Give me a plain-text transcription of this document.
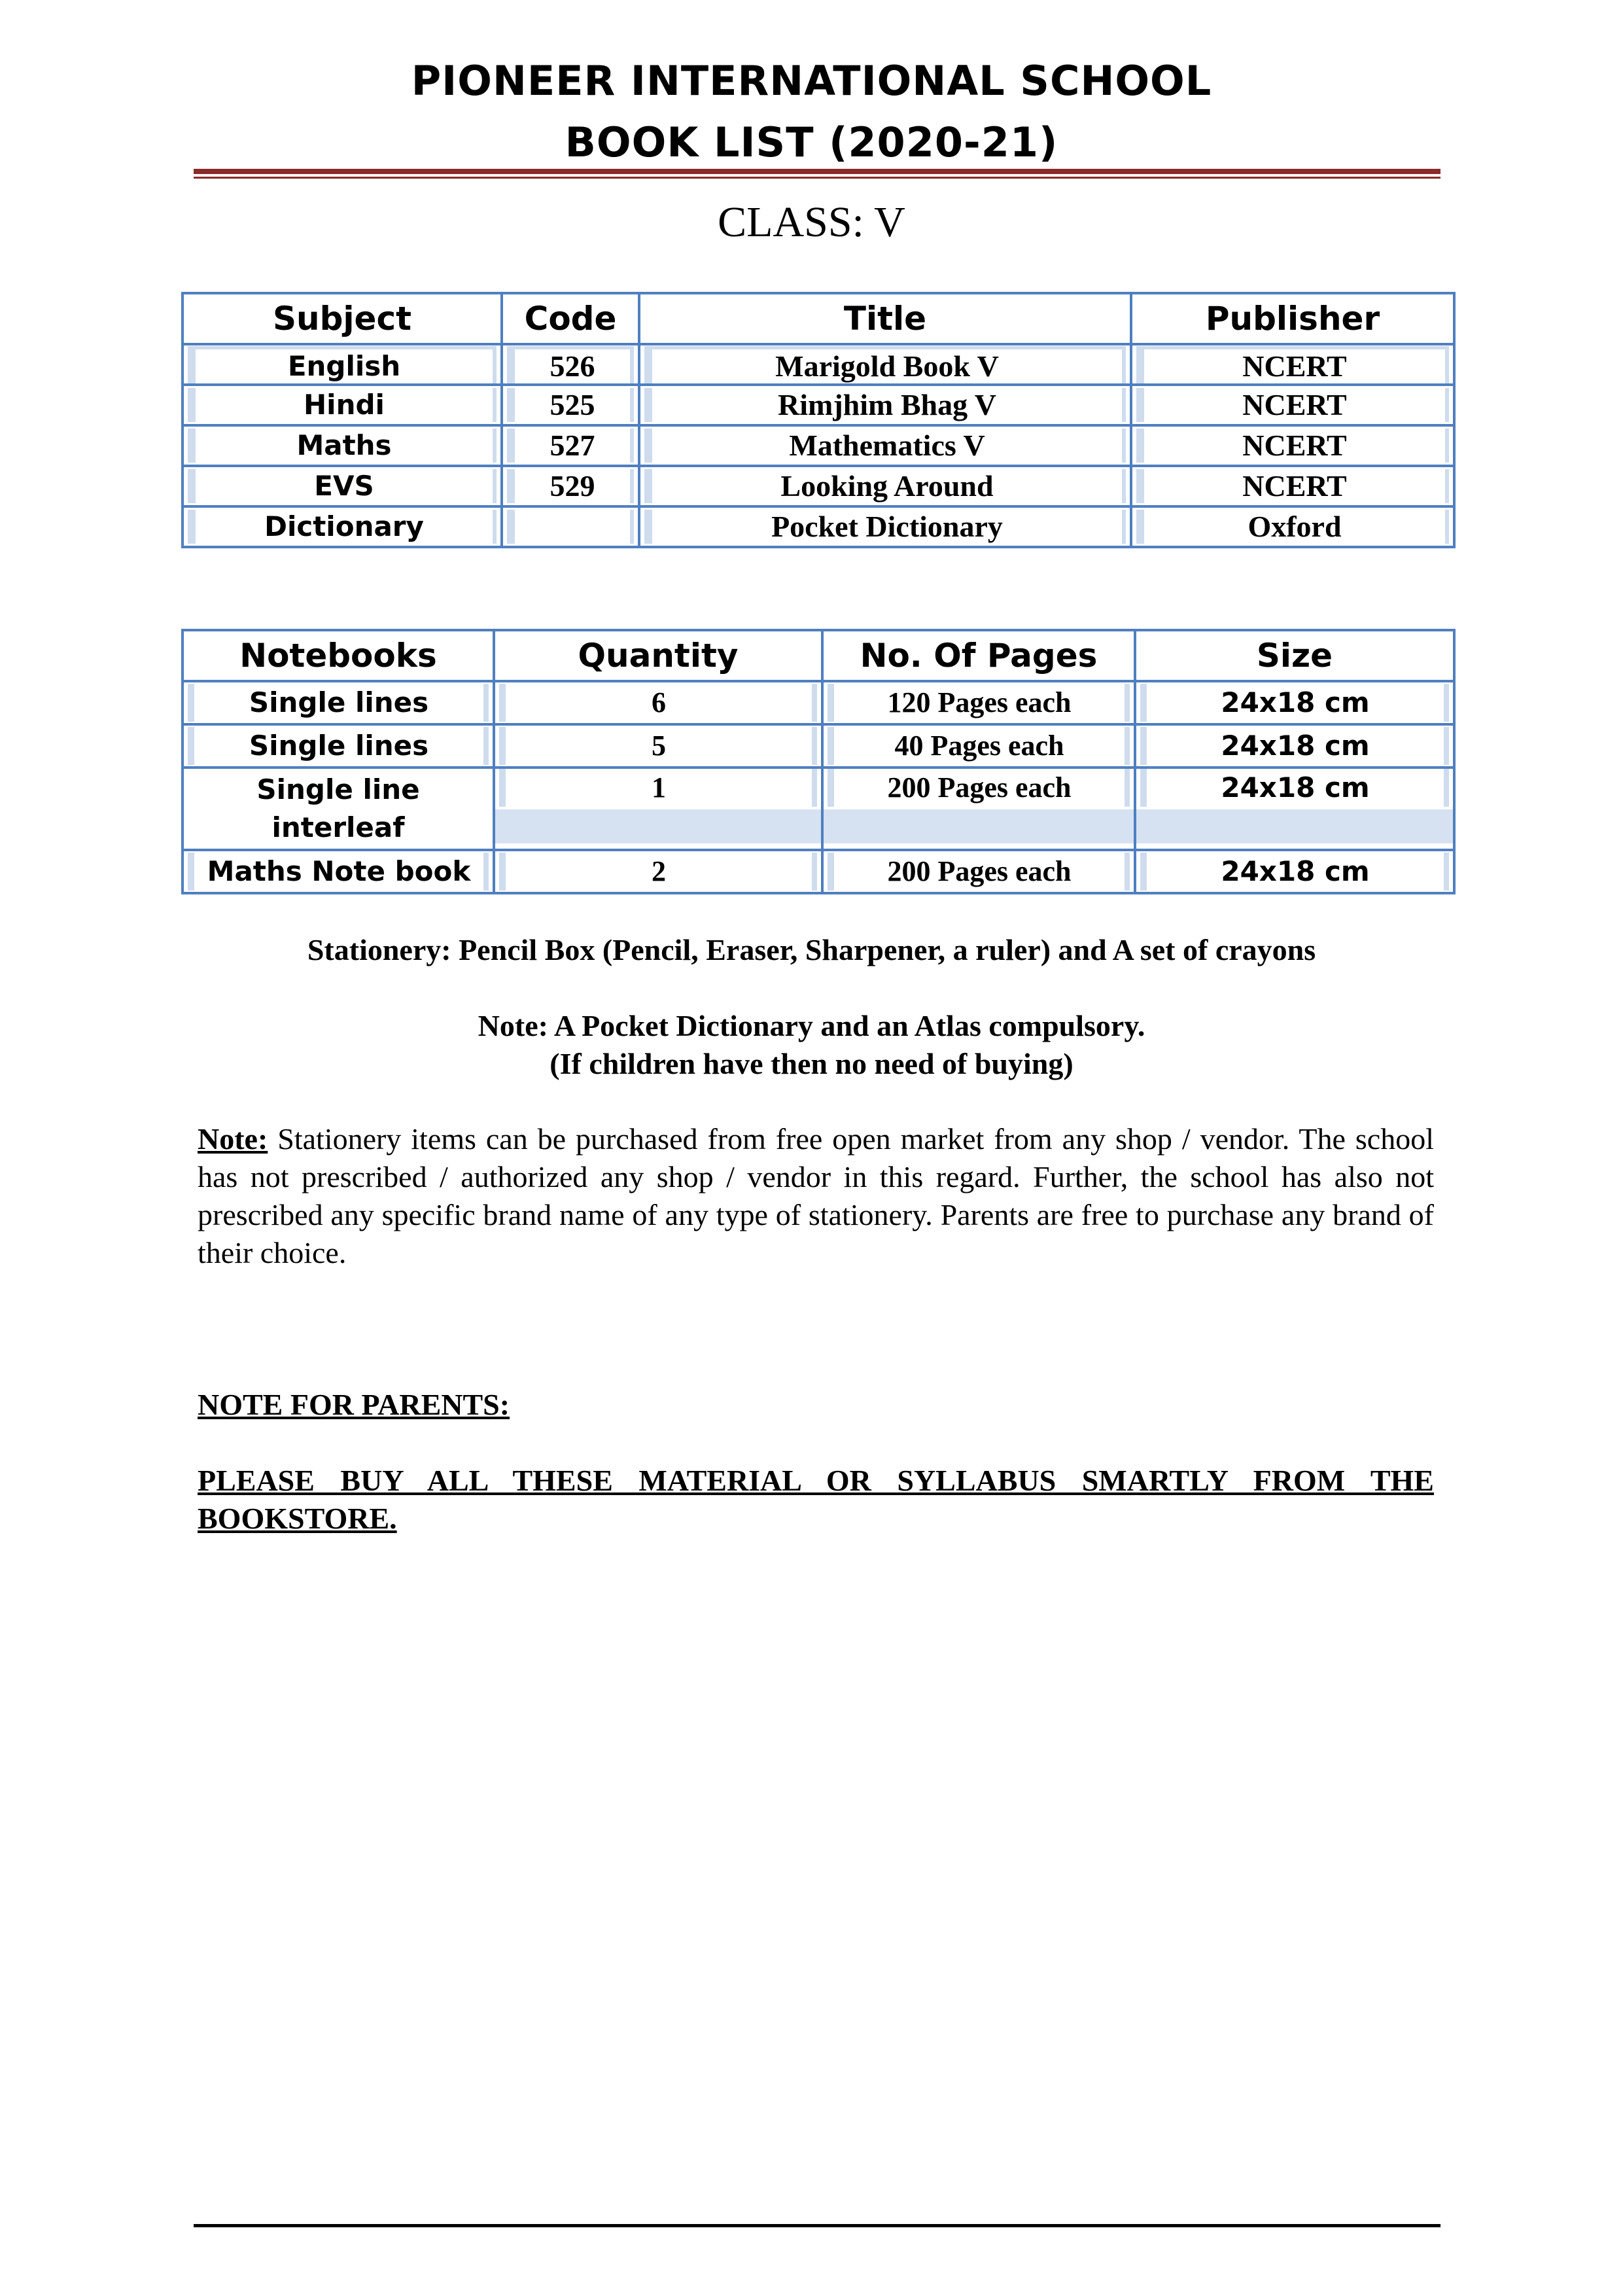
PIONEER INTERNATIONAL SCHOOL
BOOK LIST (2020-21)
CLASS: V
Subject	Code	Title	Publisher

English	526	Marigold Book V	NCERT

Hindi	525	Rimjhim Bhag V	NCERT

Maths	527	Mathematics V	NCERT

EVS	529	Looking Around	NCERT

Dictionary		Pocket Dictionary	Oxford
Notebooks	Quantity	No. Of Pages	Size

Single lines	6	120 Pages each	24x18 cm

Single lines	5	40 Pages each	24x18 cm

Single line interleaf	1	200 Pages each	24x18 cm

Maths Note book	2	200 Pages each	24x18 cm
Stationery: Pencil Box (Pencil, Eraser, Sharpener, a ruler) and A set of crayons
Note: A Pocket Dictionary and an Atlas compulsory.
(If children have then no need of buying)
Note: Stationery items can be purchased from free open market from any shop / vendor. The school has not prescribed / authorized any shop / vendor in this regard. Further, the school has also not prescribed any specific brand name of any type of stationery. Parents are free to purchase any brand of their choice.
NOTE FOR PARENTS:
PLEASE BUY ALL THESE MATERIAL OR SYLLABUS SMARTLY FROM THE BOOKSTORE.
